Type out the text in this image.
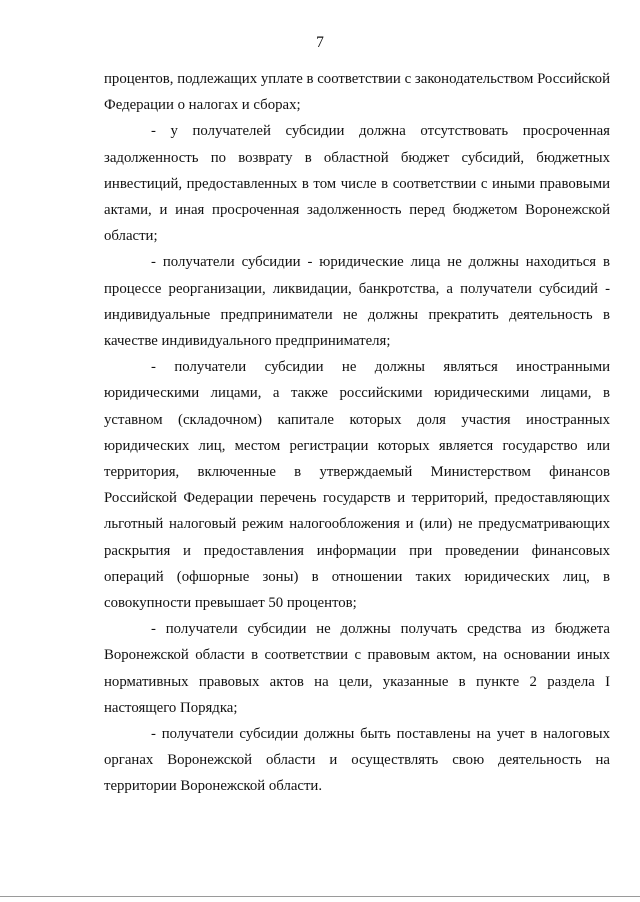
7

процентов, подлежащих уплате в соответствии с законодательством Российской Федерации о налогах и сборах;

- у получателей субсидии должна отсутствовать просроченная задолженность по возврату в областной бюджет субсидий, бюджетных инвестиций, предоставленных в том числе в соответствии с иными правовыми актами, и иная просроченная задолженность перед бюджетом Воронежской области;

- получатели субсидии - юридические лица не должны находиться в процессе реорганизации, ликвидации, банкротства, а получатели субсидий - индивидуальные предприниматели не должны прекратить деятельность в качестве индивидуального предпринимателя;

- получатели субсидии не должны являться иностранными юридическими лицами, а также российскими юридическими лицами, в уставном (складочном) капитале которых доля участия иностранных юридических лиц, местом регистрации которых является государство или территория, включенные в утверждаемый Министерством финансов Российской Федерации перечень государств и территорий, предоставляющих льготный налоговый режим налогообложения и (или) не предусматривающих раскрытия и предоставления информации при проведении финансовых операций (офшорные зоны) в отношении таких юридических лиц, в совокупности превышает 50 процентов;

- получатели субсидии не должны получать средства из бюджета Воронежской области в соответствии с правовым актом, на основании иных нормативных правовых актов на цели, указанные в пункте 2 раздела I настоящего Порядка;

- получатели субсидии должны быть поставлены на учет в налоговых органах Воронежской области и осуществлять свою деятельность на территории Воронежской области.
